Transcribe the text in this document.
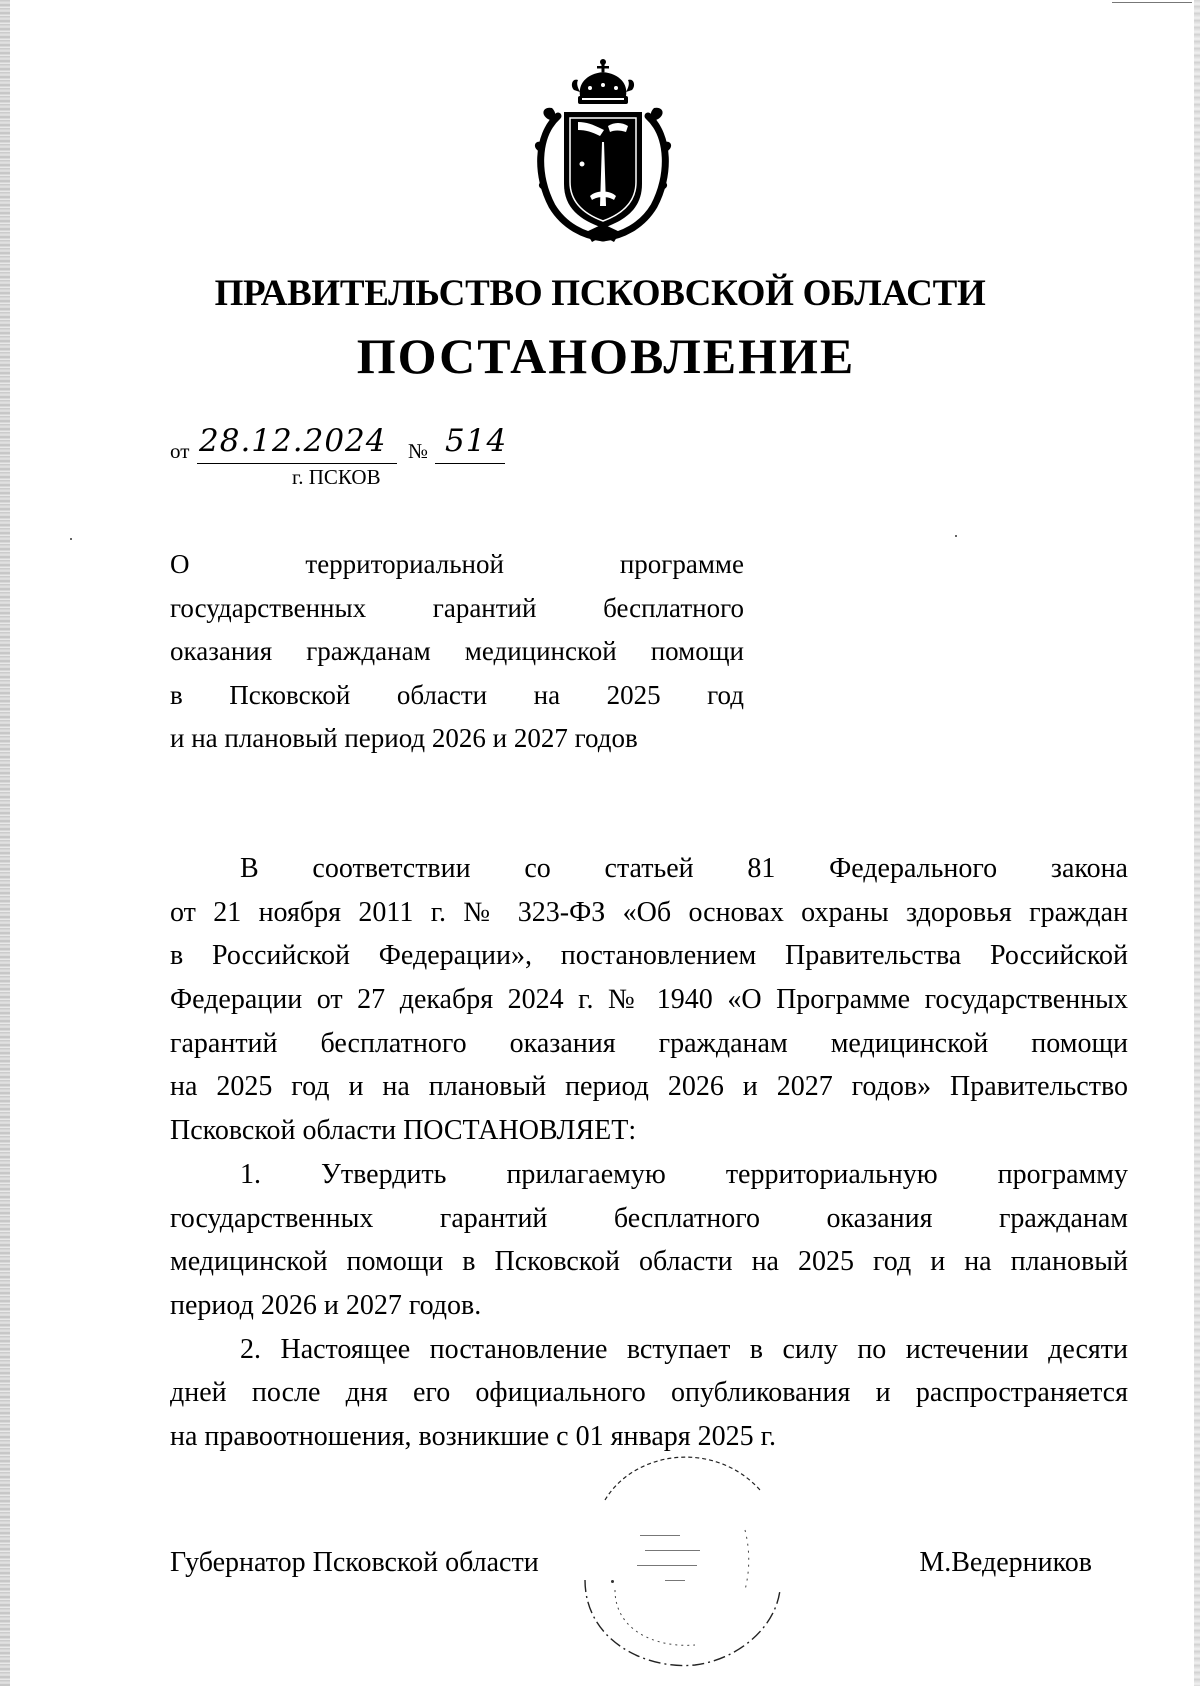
ПРАВИТЕЛЬСТВО ПСКОВСКОЙ ОБЛАСТИ
ПОСТАНОВЛЕНИЕ
от 28.12.2024 № 514
г. ПСКОВ
О территориальной программе
государственных гарантий бесплатного
оказания гражданам медицинской помощи
в Псковской области на 2025 год
и на плановый период 2026 и 2027 годов
В соответствии со статьей 81 Федерального закона
от 21 ноября 2011 г. № 323-ФЗ «Об основах охраны здоровья граждан
в Российской Федерации», постановлением Правительства Российской
Федерации от 27 декабря 2024 г. № 1940 «О Программе государственных
гарантий бесплатного оказания гражданам медицинской помощи
на 2025 год и на плановый период 2026 и 2027 годов» Правительство
Псковской области ПОСТАНОВЛЯЕТ:
1. Утвердить прилагаемую территориальную программу
государственных гарантий бесплатного оказания гражданам
медицинской помощи в Псковской области на 2025 год и на плановый
период 2026 и 2027 годов.
2. Настоящее постановление вступает в силу по истечении десяти
дней после дня его официального опубликования и распространяется
на правоотношения, возникшие с 01 января 2025 г.
Губернатор Псковской области	М.Ведерников
